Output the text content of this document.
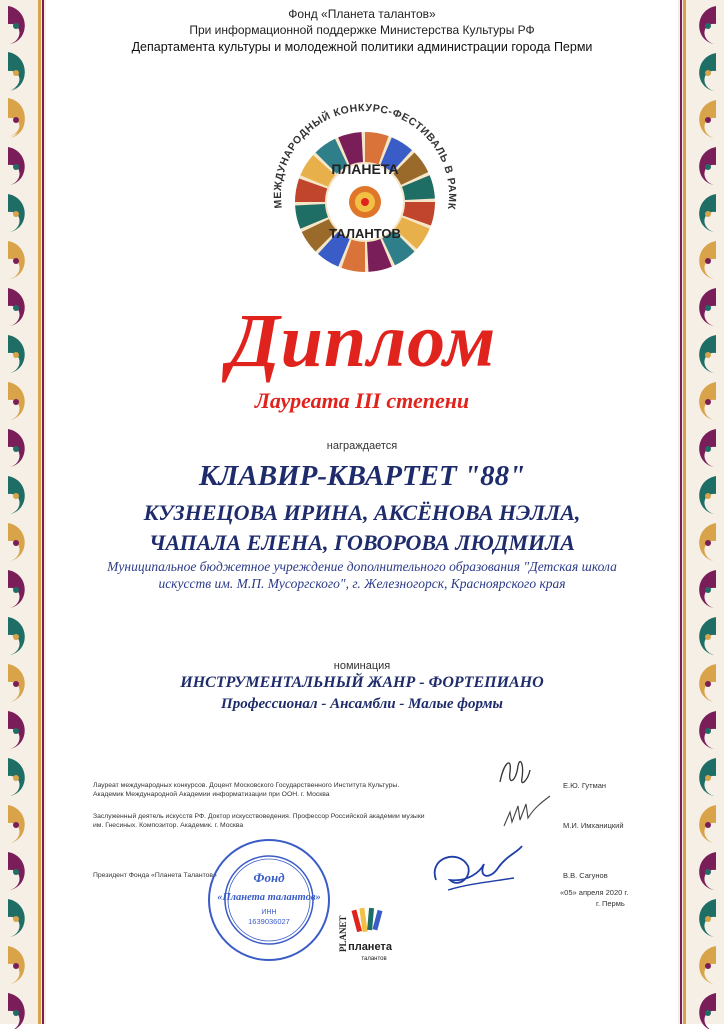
Фонд «Планета талантов»
При информационной поддержке Министерства Культуры РФ
Департамента культуры и молодежной политики администрации города Перми
МЕЖДУНАРОДНЫЙ КОНКУРС-ФЕСТИВАЛЬ В РАМК
ПЛАНЕТА
ТАЛАНТОВ
Диплом
Лауреата III степени
награждается
КЛАВИР-КВАРТЕТ "88"
КУЗНЕЦОВА ИРИНА, АКСЁНОВА НЭЛЛА,
ЧАПАЛА ЕЛЕНА, ГОВОРОВА ЛЮДМИЛА
Муниципальное бюджетное учреждение дополнительного образования "Детская школа
искусств им. М.П. Мусоргского", г. Железногорск, Красноярского края
номинация
ИНСТРУМЕНТАЛЬНЫЙ ЖАНР - ФОРТЕПИАНО
Профессионал - Ансамбли - Малые формы
Лауреат международных конкурсов. Доцент Московского Государственного Института Культуры.
Академик Международной Академии информатизации при ООН. г. Москва
Е.Ю. Гутман
Заслуженный деятель искусств РФ. Доктор искусствоведения. Профессор Российской академии музыки
им. Гнесиных. Композитор. Академик. г. Москва	М.И. Имханицкий
Президент Фонда «Планета Талантов»	В.В. Сагунов
«05» апреля 2020 г.
г. Пермь
Фонд
«Планета талантов»
ИНН
1639036027	PLANET планета
талантов
